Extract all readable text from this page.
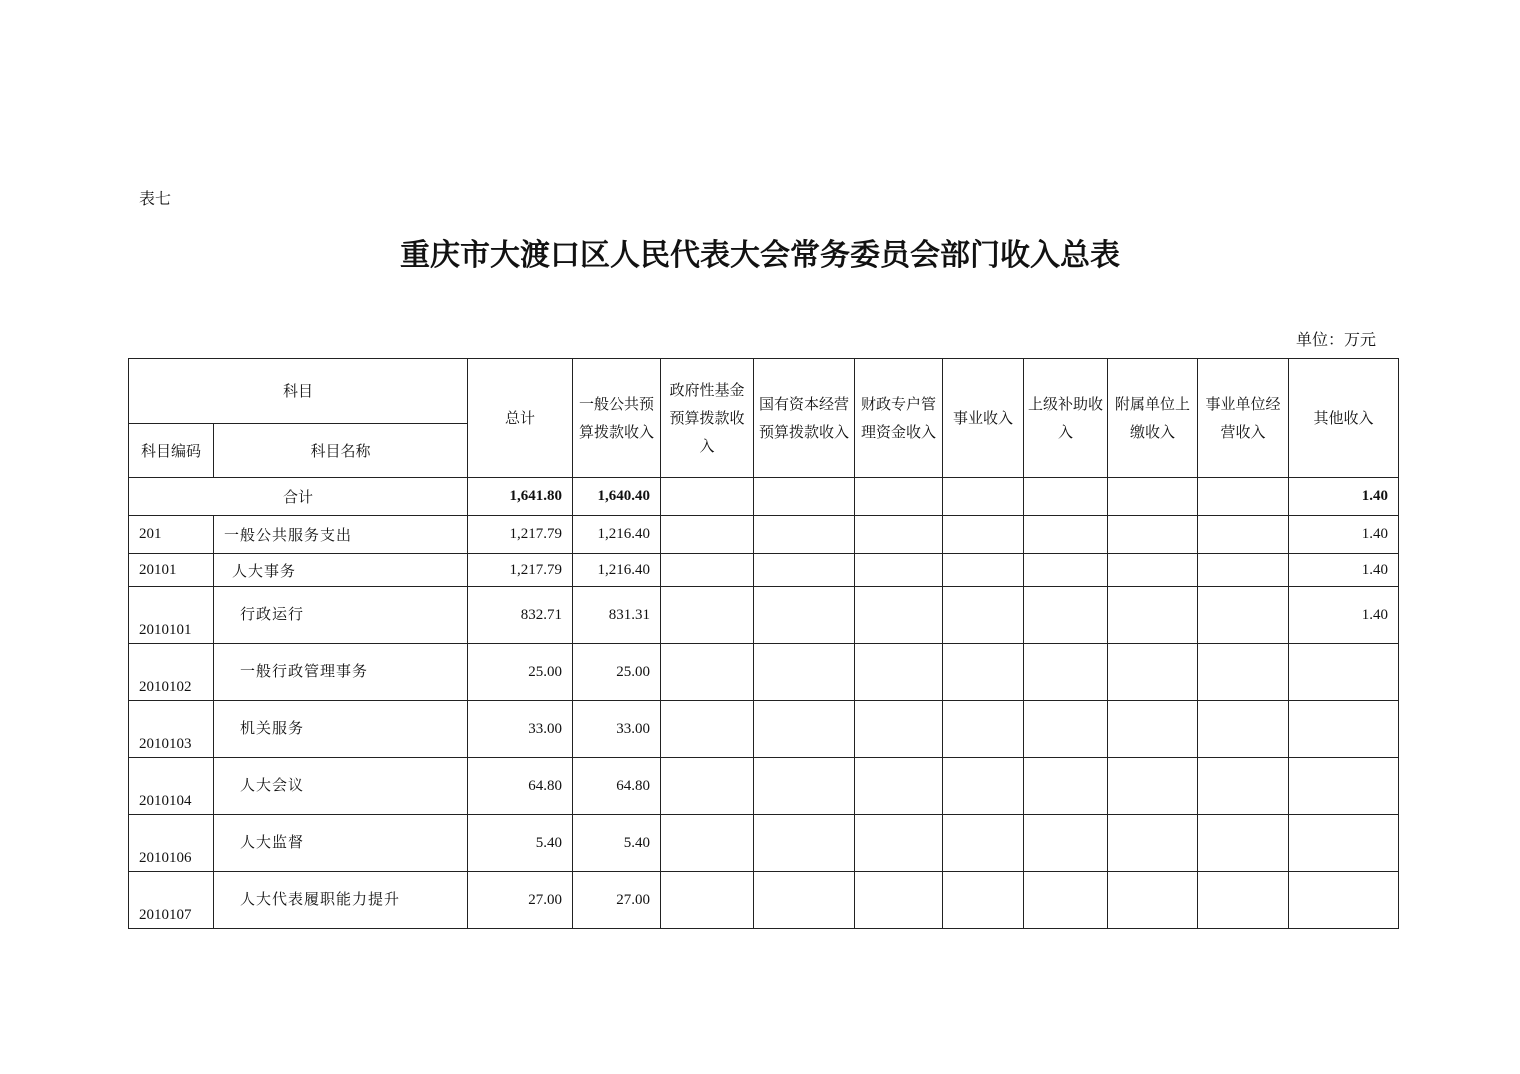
表七
重庆市大渡口区人民代表大会常务委员会部门收入总表
单位：万元
科目		总计	一般公共预算拨款收入	政府性基金预算拨款收入	国有资本经营预算拨款收入	财政专户管理资金收入	事业收入	上级补助收入	附属单位上缴收入	事业单位经营收入	其他收入
科目编码	科目名称										
合计		1,641.80	1,640.40								1.40
201	一般公共服务支出	1,217.79	1,216.40								1.40
20101	人大事务	1,217.79	1,216.40								1.40
2010101	行政运行	832.71	831.31								1.40
2010102	一般行政管理事务	25.00	25.00								
2010103	机关服务	33.00	33.00								
2010104	人大会议	64.80	64.80								
2010106	人大监督	5.40	5.40								
2010107	人大代表履职能力提升	27.00	27.00								
